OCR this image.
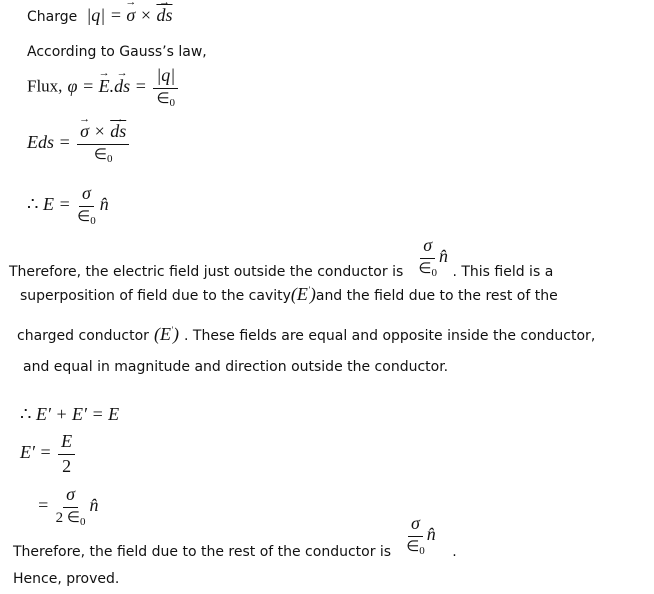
Charge |q| = → σ × → $\overline{ds}$
According to Gauss’s law,
Flux, φ = → E.→ ds = $\frac{|q|}{\in_0}$
Eds = → $\frac{\sigma \times \to \overline{ds}}{\in_0}$
∴ $E = \frac{\sigma}{\in_0}$ n̂
Therefore, the electric field just outside the conductor is $\frac{\sigma}{\in_0}$ n̂ . This field is a
superposition of field due to the cavity(E')and the field due to the rest of the
charged conductor (E') . These fields are equal and opposite inside the conductor,
and equal in magnitude and direction outside the conductor.
∴ E′ + E′ = E
$E' = \frac{E}{2}$
= $\frac{\sigma}{2 \in_0}$ n̂
Therefore, the field due to the rest of the conductor is $\frac{\sigma}{\in_0}$ n̂ .
Hence, proved.
